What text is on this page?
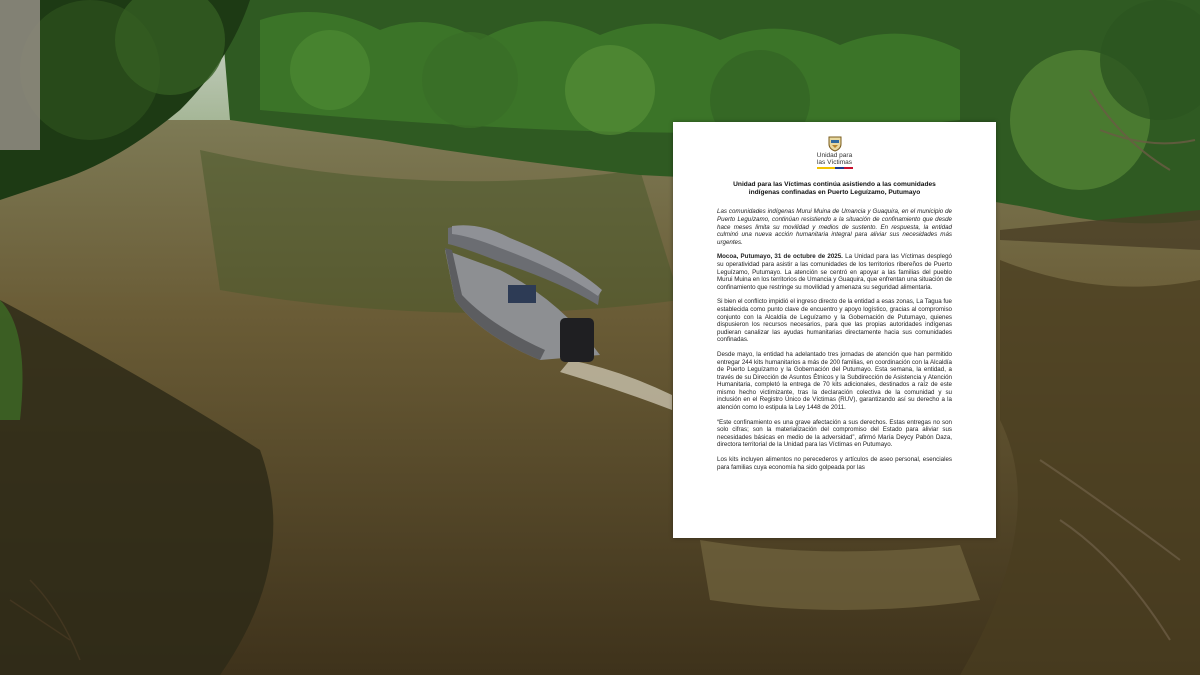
Unidad para
las Víctimas

Unidad para las Víctimas continúa asistiendo a las comunidades indígenas confinadas en Puerto Leguízamo, Putumayo

Las comunidades indígenas Murui Muina de Umancia y Guaquira, en el municipio de Puerto Leguízamo, continúan resistiendo a la situación de confinamiento que desde hace meses limita su movilidad y medios de sustento. En respuesta, la entidad culminó una nueva acción humanitaria integral para aliviar sus necesidades más urgentes.

Mocoa, Putumayo, 31 de octubre de 2025. La Unidad para las Víctimas desplegó su operatividad para asistir a las comunidades de los territorios ribereños de Puerto Leguízamo, Putumayo. La atención se centró en apoyar a las familias del pueblo Murui Muina en los territorios de Umancia y Guaquira, que enfrentan una situación de confinamiento que restringe su movilidad y amenaza su seguridad alimentaria.

Si bien el conflicto impidió el ingreso directo de la entidad a esas zonas, La Tagua fue establecida como punto clave de encuentro y apoyo logístico, gracias al compromiso conjunto con la Alcaldía de Leguízamo y la Gobernación de Putumayo, quienes dispusieron los recursos necesarios, para que las propias autoridades indígenas pudieran canalizar las ayudas humanitarias directamente hacia sus comunidades confinadas.

Desde mayo, la entidad ha adelantado tres jornadas de atención que han permitido entregar 244 kits humanitarios a más de 200 familias, en coordinación con la Alcaldía de Puerto Leguízamo y la Gobernación del Putumayo. Esta semana, la entidad, a través de su Dirección de Asuntos Étnicos y la Subdirección de Asistencia y Atención Humanitaria, completó la entrega de 70 kits adicionales, destinados a raíz de este mismo hecho victimizante, tras la declaración colectiva de la comunidad y su inclusión en el Registro Único de Víctimas (RUV), garantizando así su derecho a la atención como lo estipula la Ley 1448 de 2011.

“Este confinamiento es una grave afectación a sus derechos. Estas entregas no son solo cifras; son la materialización del compromiso del Estado para aliviar sus necesidades básicas en medio de la adversidad”, afirmó María Deycy Pabón Daza, directora territorial de la Unidad para las Víctimas en Putumayo.

Los kits incluyen alimentos no perecederos y artículos de aseo personal, esenciales para familias cuya economía ha sido golpeada por las
